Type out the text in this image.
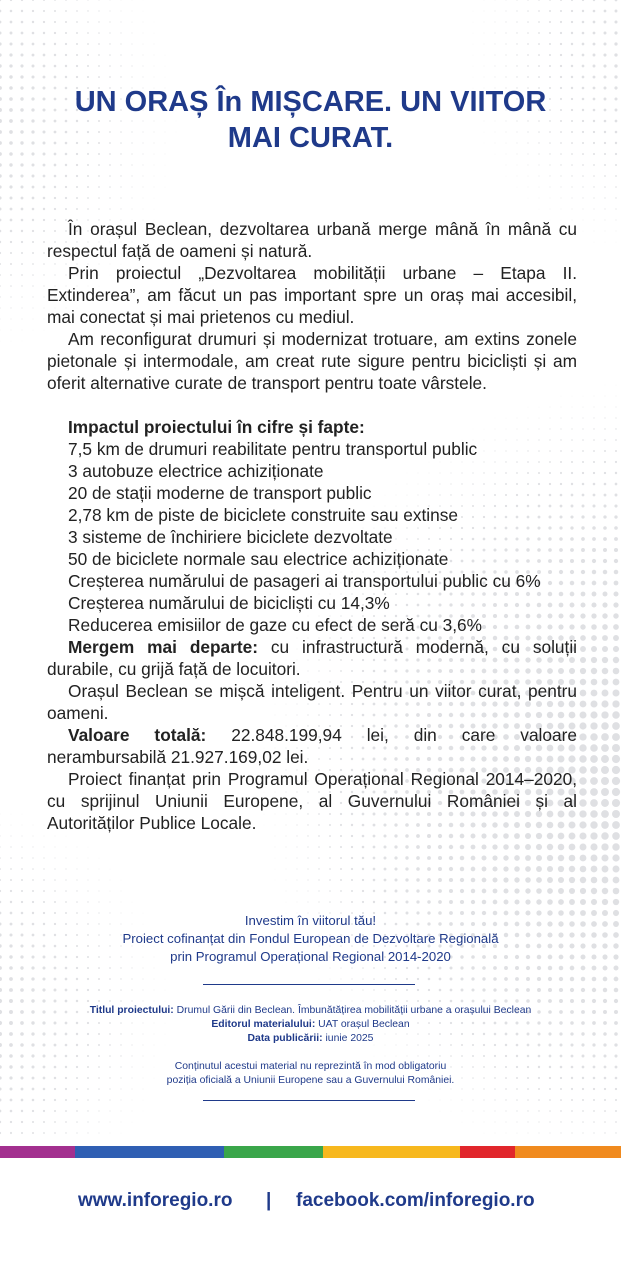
UN ORAȘ În MIȘCARE. UN VIITOR
MAI CURAT.

În orașul Beclean, dezvoltarea urbană merge mână în mână cu respectul față de oameni și natură.

Prin proiectul „Dezvoltarea mobilității urbane – Etapa II. Extinderea”, am făcut un pas important spre un oraș mai accesibil, mai conectat și mai prietenos cu mediul.

Am reconfigurat drumuri și modernizat trotuare, am extins zonele pietonale și intermodale, am creat rute sigure pentru bicicliști și am oferit alternative curate de transport pentru toate vârstele.

Impactul proiectului în cifre și fapte:
7,5 km de drumuri reabilitate pentru transportul public
3 autobuze electrice achiziționate
20 de stații moderne de transport public
2,78 km de piste de biciclete construite sau extinse
3 sisteme de închiriere biciclete dezvoltate
50 de biciclete normale sau electrice achiziționate
Creșterea numărului de pasageri ai transportului public cu 6%
Creșterea numărului de bicicliști cu 14,3%
Reducerea emisiilor de gaze cu efect de seră cu 3,6%

Mergem mai departe: cu infrastructură modernă, cu soluții durabile, cu grijă față de locuitori.

Orașul Beclean se mișcă inteligent. Pentru un viitor curat, pentru oameni.

Valoare totală: 22.848.199,94 lei, din care valoare nerambursabilă 21.927.169,02 lei.

Proiect finanțat prin Programul Operațional Regional 2014–2020, cu sprijinul Uniunii Europene, al Guvernului României și al Autorităților Publice Locale.

Investim în viitorul tău!
Proiect cofinanțat din Fondul European de Dezvoltare Regională
prin Programul Operațional Regional 2014-2020
Titlul proiectului: Drumul Gării din Beclean. Îmbunătățirea mobilității urbane a orașului Beclean
Editorul materialului: UAT orașul Beclean
Data publicării: iunie 2025
Conținutul acestui material nu reprezintă în mod obligatoriu
poziția oficială a Uniunii Europene sau a Guvernului României.
www.inforegio.ro | facebook.com/inforegio.ro
